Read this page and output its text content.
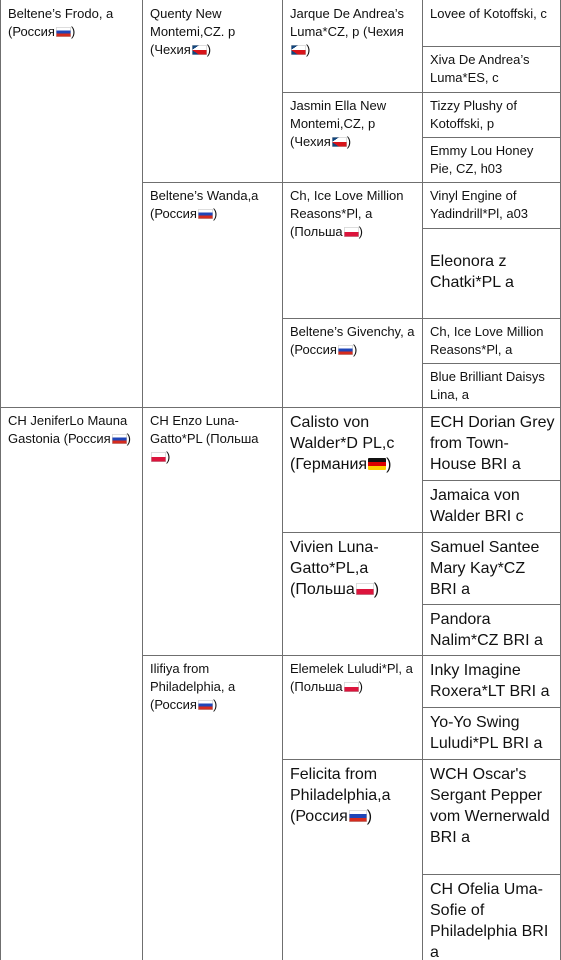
Beltene’s Frodo, a (Россия )
CH JeniferLo Mauna Gastonia (Россия )
Quenty New Montemi,CZ. p
(Чехия )
Beltene’s Wanda,a
(Россия )
CH Enzo Luna-Gatto*PL (Польша
)
Ilifiya from Philadelphia, a
(Россия )
Jarque De Andrea’s Luma*CZ, p (Чехия
)
Jasmin Ella New Montemi,CZ, p
(Чехия )
Ch, Ice Love Million Reasons*Pl, a
(Польша )
Beltene’s Givenchy, a
(Россия )
Calisto von Walder*D PL,c
(Германия )
Vivien Luna-Gatto*PL,a
(Польша )
Elemelek Luludi*Pl, a
(Польша )
Felicita from Philadelphia,a
(Россия )
Lovee of Kotoffski, c
Xiva De Andrea’s Luma*ES, c
Tizzy Plushy of Kotoffski, p
Emmy Lou Honey Pie, CZ, h03
Vinyl Engine of Yadindrill*Pl, a03
Eleonora z Chatki*PL a
Ch, Ice Love Million Reasons*Pl, a
Blue Brilliant Daisys Lina, a
ECH Dorian Grey from Town-House BRI a
Jamaica von Walder BRI c
Samuel Santee Mary Kay*CZ BRI a
Pandora Nalim*CZ BRI a
Inky Imagine Roxera*LT BRI a
Yo-Yo Swing Luludi*PL BRI a
WCH Oscar's Sergant Pepper vom Wernerwald BRI a
CH Ofelia Uma-Sofie of Philadelphia BRI a
